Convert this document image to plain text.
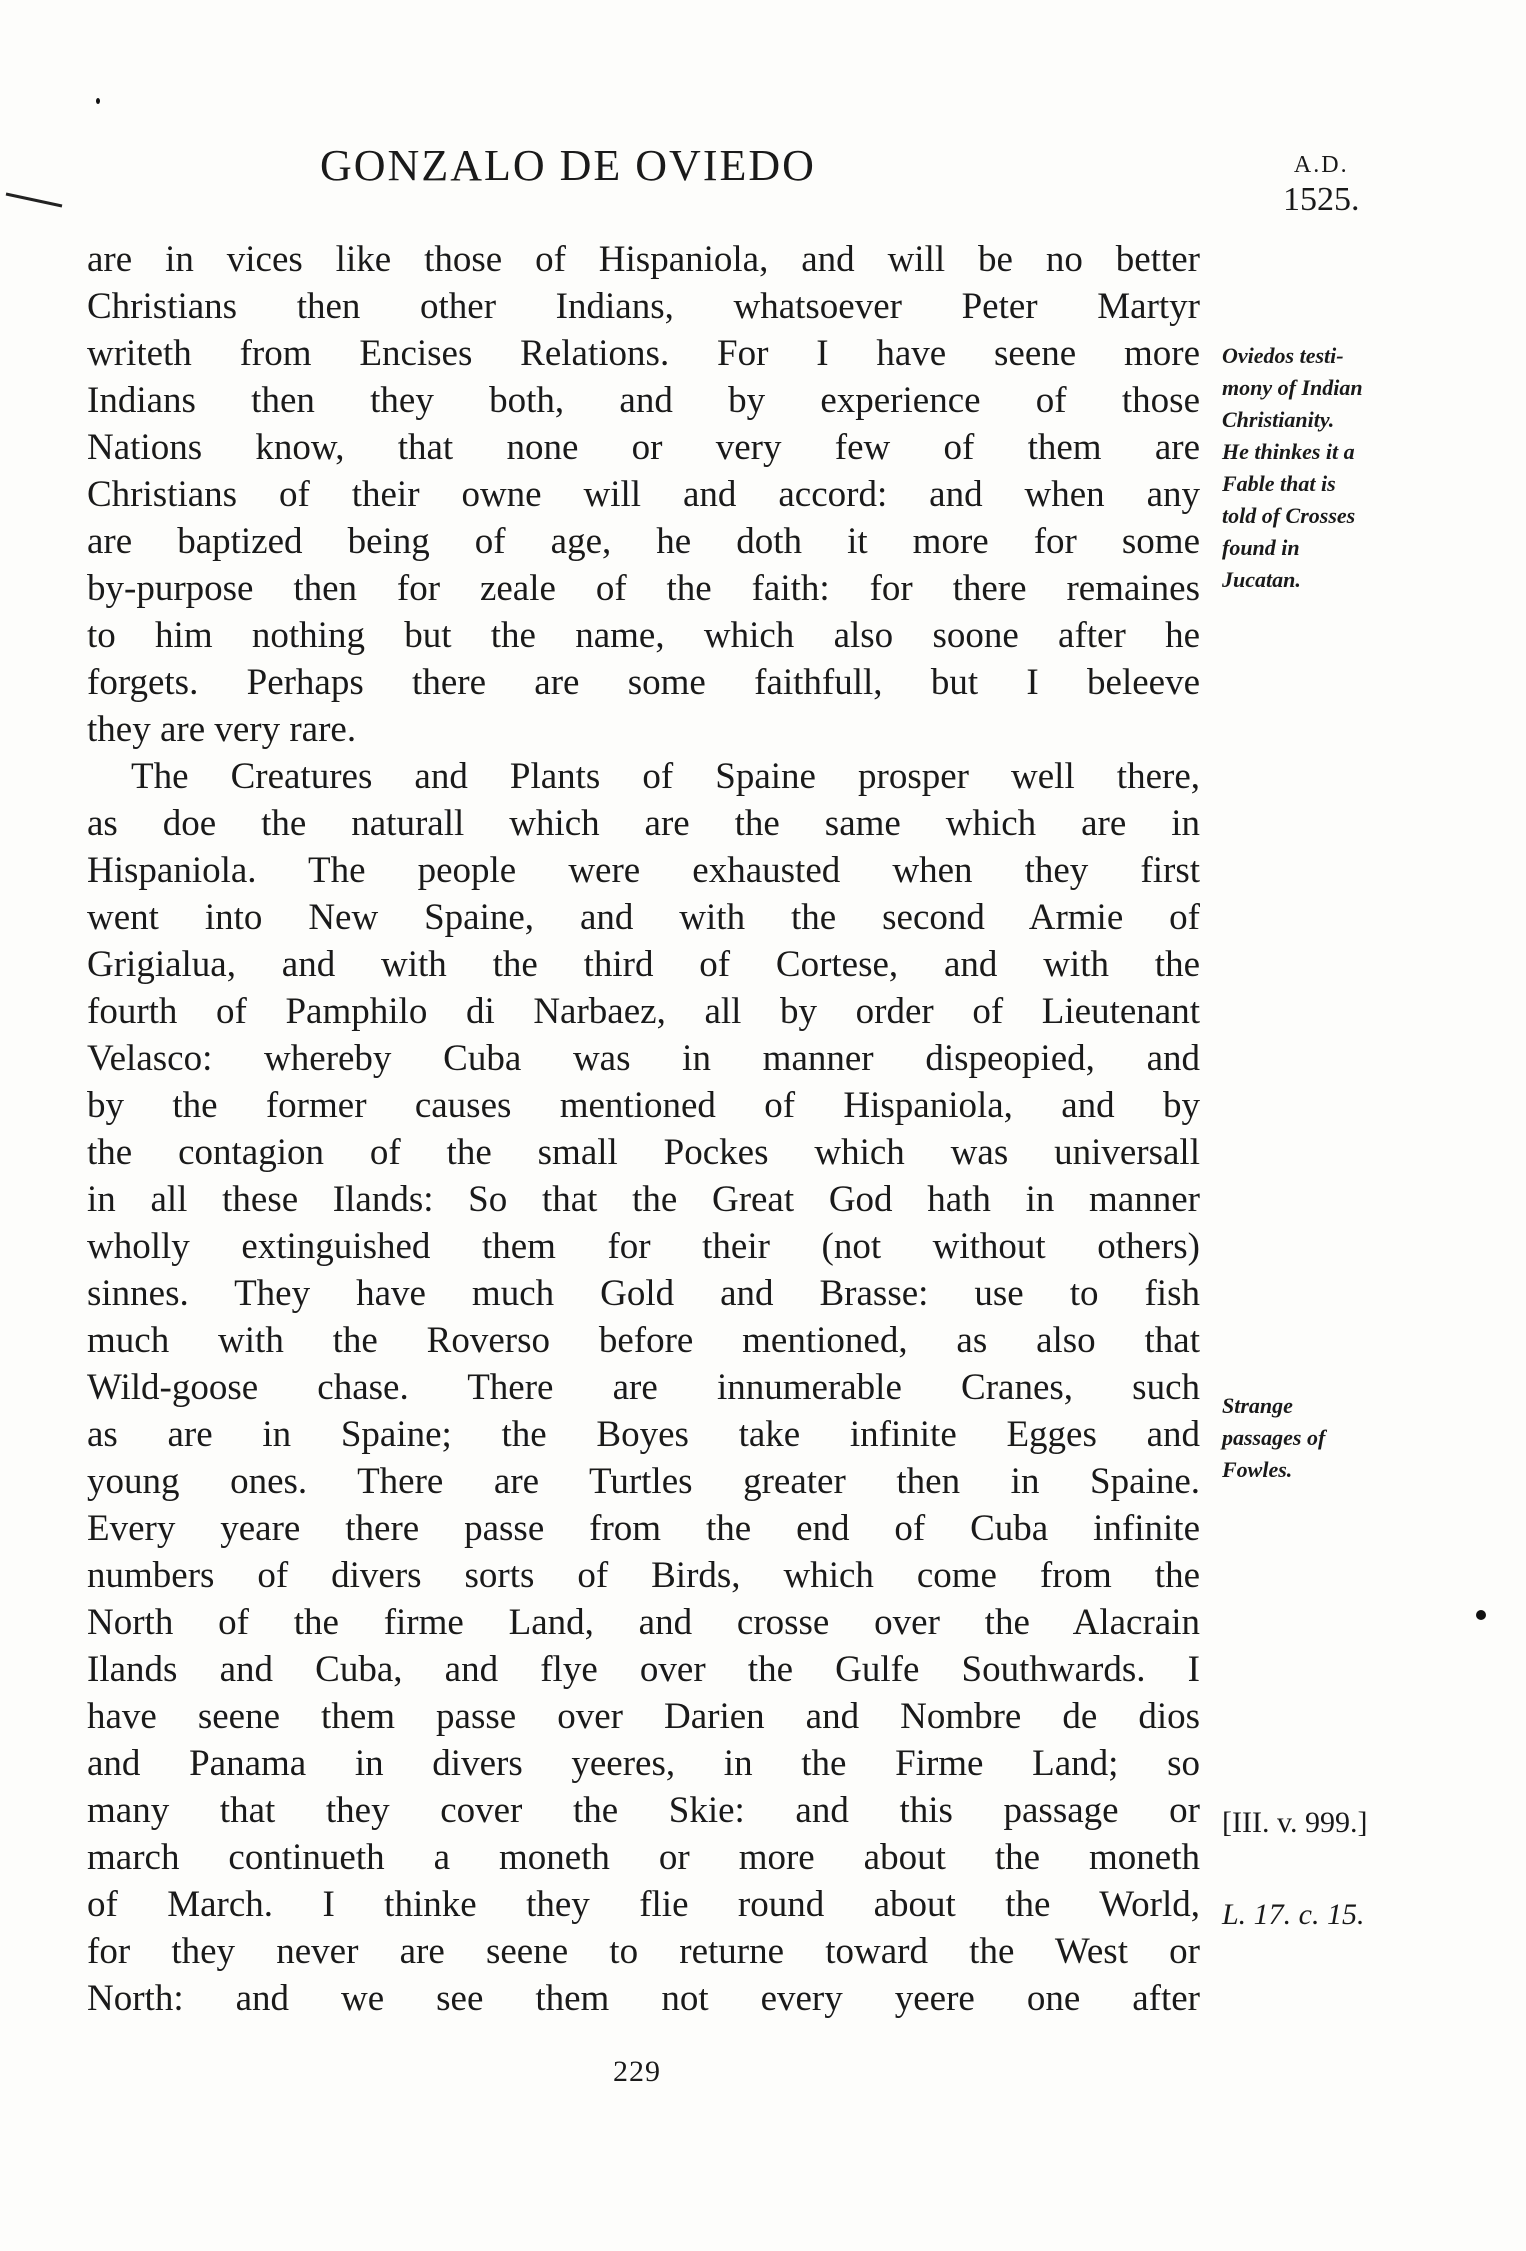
GONZALO DE OVIEDO	A.D.
1525.
are in vices like those of Hispaniola, and will be no better
Christians then other Indians, whatsoever Peter Martyr
writeth from Encises Relations. For I have seene more
Indians then they both, and by experience of those
Nations know, that none or very few of them are
Christians of their owne will and accord: and when any
are baptized being of age, he doth it more for some
by-purpose then for zeale of the faith: for there remaines
to him nothing but the name, which also soone after he
forgets. Perhaps there are some faithfull, but I beleeve
they are very rare.
The Creatures and Plants of Spaine prosper well there,
as doe the naturall which are the same which are in
Hispaniola. The people were exhausted when they first
went into New Spaine, and with the second Armie of
Grigialua, and with the third of Cortese, and with the
fourth of Pamphilo di Narbaez, all by order of Lieutenant
Velasco: whereby Cuba was in manner dispeopied, and
by the former causes mentioned of Hispaniola, and by
the contagion of the small Pockes which was universall
in all these Ilands: So that the Great God hath in manner
wholly extinguished them for their (not without others)
sinnes. They have much Gold and Brasse: use to fish
much with the Roverso before mentioned, as also that
Wild-goose chase. There are innumerable Cranes, such
as are in Spaine; the Boyes take infinite Egges and
young ones. There are Turtles greater then in Spaine.
Every yeare there passe from the end of Cuba infinite
numbers of divers sorts of Birds, which come from the
North of the firme Land, and crosse over the Alacrain
Ilands and Cuba, and flye over the Gulfe Southwards. I
have seene them passe over Darien and Nombre de dios
and Panama in divers yeeres, in the Firme Land; so
many that they cover the Skie: and this passage or
march continueth a moneth or more about the moneth
of March. I thinke they flie round about the World,
for they never are seene to returne toward the West or
North: and we see them not every yeere one after
Oviedos testi-
mony of Indian
Christianity.
He thinkes it a
Fable that is
told of Crosses
found in
Jucatan.
Strange
passages of
Fowles.
[III. v. 999.]
L. 17. c. 15.
229
